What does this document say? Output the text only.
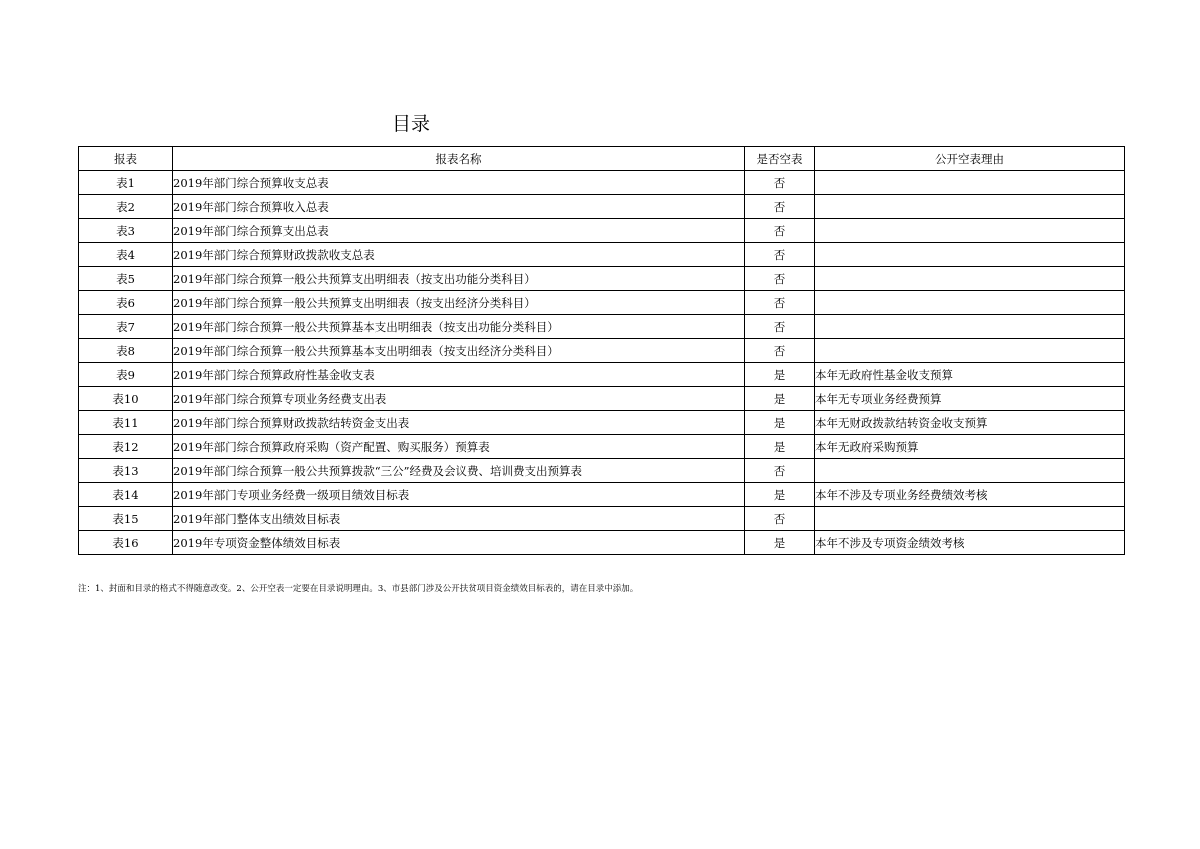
目录
报表	报表名称	是否空表	公开空表理由
表1	2019年部门综合预算收支总表	否	
表2	2019年部门综合预算收入总表	否	
表3	2019年部门综合预算支出总表	否	
表4	2019年部门综合预算财政拨款收支总表	否	
表5	2019年部门综合预算一般公共预算支出明细表（按支出功能分类科目）	否	
表6	2019年部门综合预算一般公共预算支出明细表（按支出经济分类科目）	否	
表7	2019年部门综合预算一般公共预算基本支出明细表（按支出功能分类科目）	否	
表8	2019年部门综合预算一般公共预算基本支出明细表（按支出经济分类科目）	否	
表9	2019年部门综合预算政府性基金收支表	是	本年无政府性基金收支预算
表10	2019年部门综合预算专项业务经费支出表	是	本年无专项业务经费预算
表11	2019年部门综合预算财政拨款结转资金支出表	是	本年无财政拨款结转资金收支预算
表12	2019年部门综合预算政府采购（资产配置、购买服务）预算表	是	本年无政府采购预算
表13	2019年部门综合预算一般公共预算拨款“三公”经费及会议费、培训费支出预算表	否	
表14	2019年部门专项业务经费一级项目绩效目标表	是	本年不涉及专项业务经费绩效考核
表15	2019年部门整体支出绩效目标表	否	
表16	2019年专项资金整体绩效目标表	是	本年不涉及专项资金绩效考核
注：1、封面和目录的格式不得随意改变。2、公开空表一定要在目录说明理由。3、市县部门涉及公开扶贫项目资金绩效目标表的，请在目录中添加。
